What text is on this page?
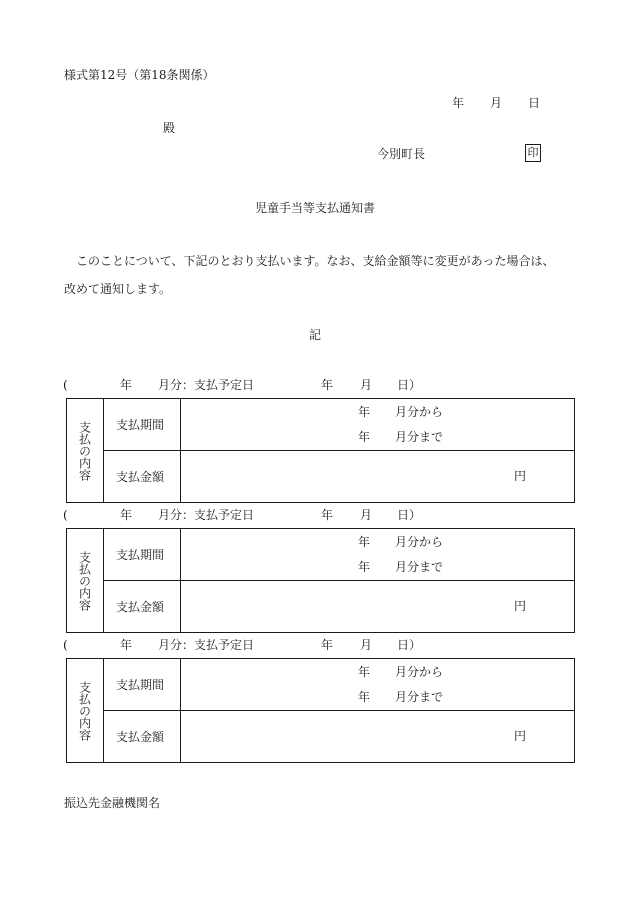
様式第12号（第18条関係）
年 月 日
殿
今別町長	印
児童手当等支払通知書
このことについて、下記のとおり支払います。なお、支給金額等に変更があった場合は、改めて通知します。
記
(	年 月分：支払予定日	年 月 日）
支払の内容	支払期間	年 月分から
年 月分まで

	支払金額	円
(	年 月分：支払予定日	年 月 日）
支払の内容	支払期間	年 月分から
年 月分まで

	支払金額	円
(	年 月分：支払予定日	年 月 日）
支払の内容	支払期間	年 月分から
年 月分まで

	支払金額	円
振込先金融機関名
